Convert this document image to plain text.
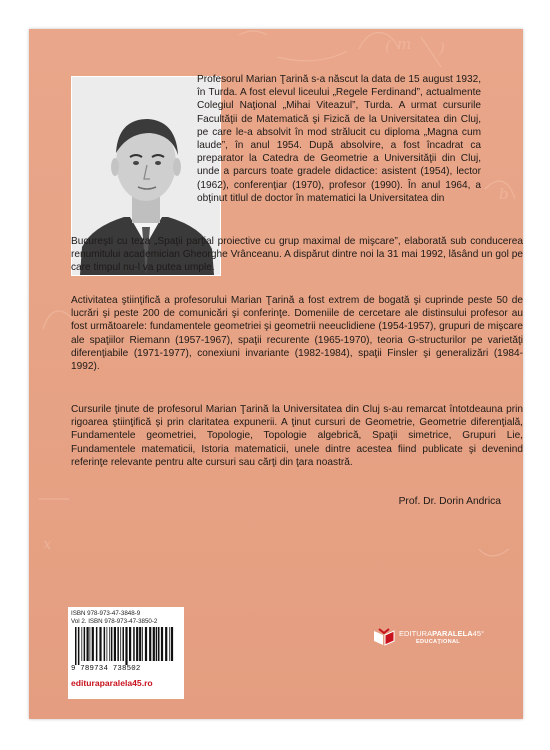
( m )
b
x

Profesorul Marian Ţarină s-a născut la data de 15 august 1932, în Turda. A fost elevul liceului „Regele Ferdinand”, actualmente Colegiul Naţional „Mihai Viteazul”, Turda. A urmat cursurile Facultăţii de Matematică şi Fizică de la Universitatea din Cluj, pe care le-a absolvit în mod strălucit cu diploma „Magna cum laude”, în anul 1954. După absolvire, a fost încadrat ca preparator la Catedra de Geometrie a Universităţii din Cluj, unde a parcurs toate gradele didactice: asistent (1954), lector (1962), conferenţiar (1970), profesor (1990). În anul 1964, a obţinut titlul de doctor în matematici la Universitatea din

Bucureşti cu teza „Spaţii parţial proiective cu grup maximal de mişcare”, elaborată sub conducerea renumitului academician Gheorghe Vrânceanu. A dispărut dintre noi la 31 mai 1992, lăsând un gol pe care timpul nu-l va putea umple.

Activitatea ştiinţifică a profesorului Marian Ţarină a fost extrem de bogată şi cuprinde peste 50 de lucrări şi peste 200 de comunicări şi conferinţe. Domeniile de cercetare ale distinsului profesor au fost următoarele: fundamentele geometriei şi geometrii neeuclidiene (1954-1957), grupuri de mişcare ale spaţiilor Riemann (1957-1967), spaţii recurente (1965-1970), teoria G-structurilor pe varietăţi diferenţiabile (1971-1977), conexiuni invariante (1982-1984), spaţii Finsler şi generalizări (1984-1992).

Cursurile ţinute de profesorul Marian Ţarină la Universitatea din Cluj s-au remarcat întotdeauna prin rigoarea ştiinţifică şi prin claritatea expunerii. A ţinut cursuri de Geometrie, Geometrie diferenţială, Fundamentele geometriei, Topologie, Topologie algebrică, Spaţii simetrice, Grupuri Lie, Fundamentele matematicii, Istoria matematicii, unele dintre acestea fiind publicate şi devenind referinţe relevante pentru alte cursuri sau cărţi din ţara noastră.

Prof. Dr. Dorin Andrica
ISBN 978-973-47-3848-9
Vol 2. ISBN 978-973-47-3850-2
9 789734 738502
edituraparalela45.ro
EDITURAPARALELA45°
EDUCAŢIONAL
